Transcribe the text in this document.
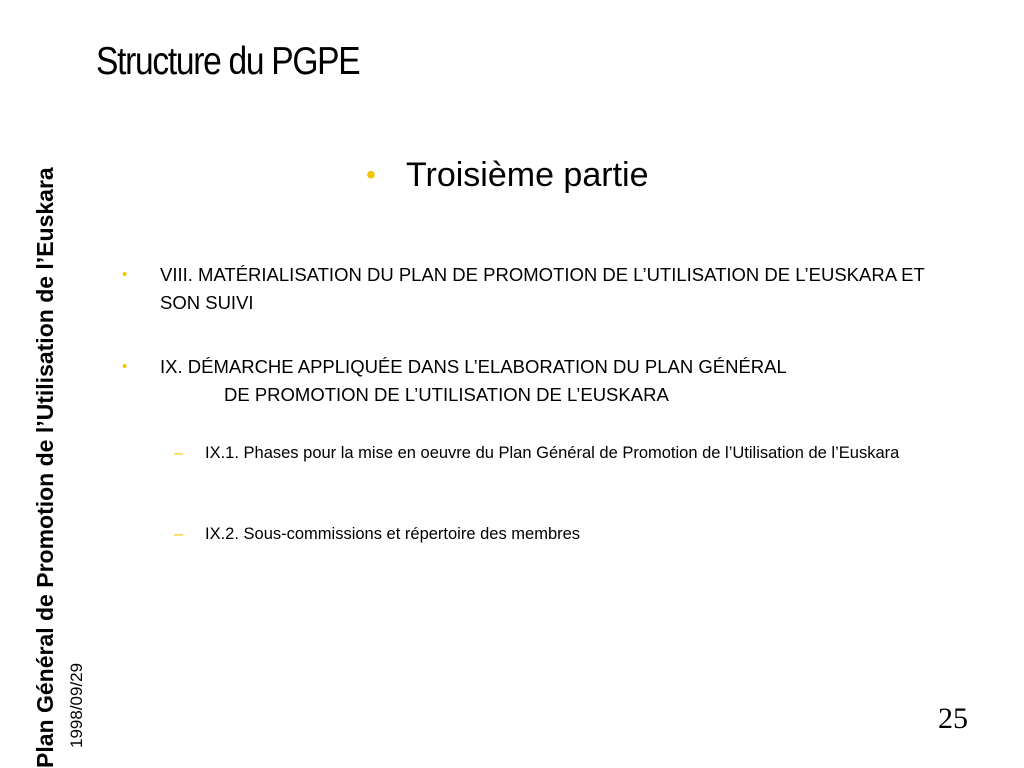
Plan Général de Promotion de l’Utilisation de l’Euskara 1998/09/29
Structure du PGPE
• Troisième partie
• VIII. MATÉRIALISATION DU PLAN DE PROMOTION DE L’UTILISATION DE L’EUSKARA ET SON SUIVI
• IX. DÉMARCHE APPLIQUÉE DANS L’ELABORATION DU PLAN GÉNÉRAL
DE PROMOTION DE L’UTILISATION DE L’EUSKARA
– IX.1. Phases pour la mise en oeuvre du Plan Général de Promotion de l’Utilisation de l’Euskara
– IX.2. Sous-commissions et répertoire des membres
25
